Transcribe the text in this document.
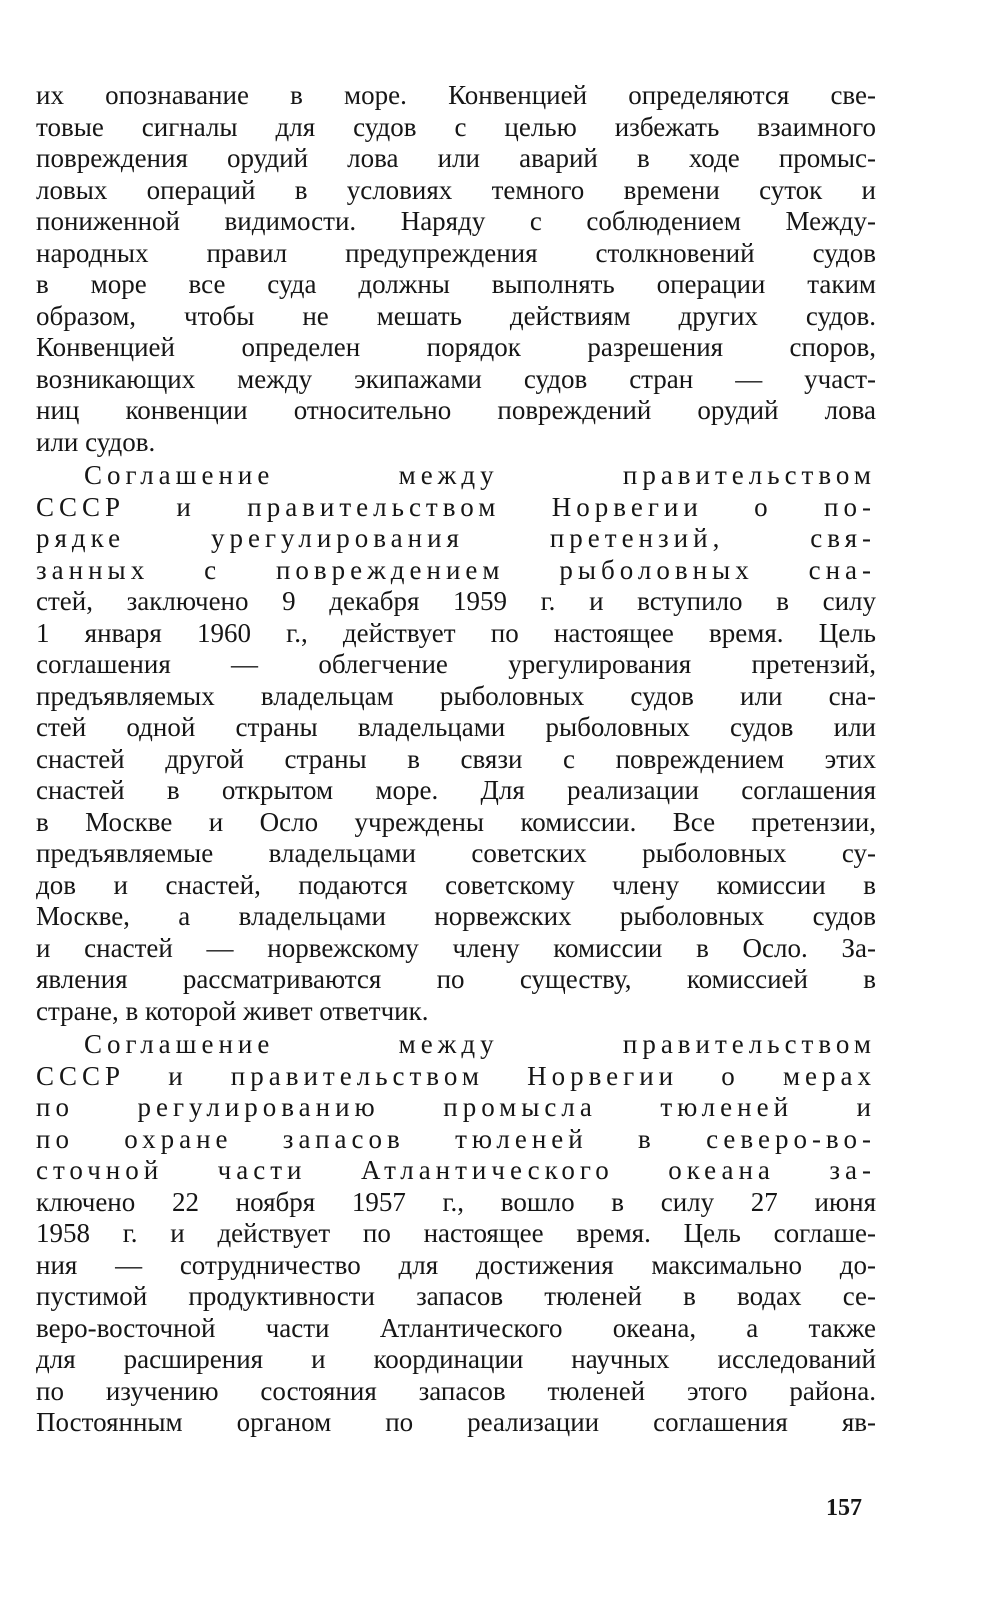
их опознавание в море. Конвенцией определяются све-
товые сигналы для судов с целью избежать взаимного
повреждения орудий лова или аварий в ходе промыс-
ловых операций в условиях темного времени суток и
пониженной видимости. Наряду с соблюдением Между-
народных правил предупреждения столкновений судов
в море все суда должны выполнять операции таким
образом, чтобы не мешать действиям других судов.
Конвенцией определен порядок разрешения споров,
возникающих между экипажами судов стран — участ-
ниц конвенции относительно повреждений орудий лова
или судов.
Соглашение между правительством
СССР и правительством Норвегии о по-
рядке урегулирования претензий, свя-
занных с повреждением рыболовных сна-
стей, заключено 9 декабря 1959 г. и вступило в силу
1 января 1960 г., действует по настоящее время. Цель
соглашения — облегчение урегулирования претензий,
предъявляемых владельцам рыболовных судов или сна-
стей одной страны владельцами рыболовных судов или
снастей другой страны в связи с повреждением этих
снастей в открытом море. Для реализации соглашения
в Москве и Осло учреждены комиссии. Все претензии,
предъявляемые владельцами советских рыболовных су-
дов и снастей, подаются советскому члену комиссии в
Москве, а владельцами норвежских рыболовных судов
и снастей — норвежскому члену комиссии в Осло. За-
явления рассматриваются по существу, комиссией в
стране, в которой живет ответчик.
Соглашение между правительством
СССР и правительством Норвегии о мерах
по регулированию промысла тюленей и
по охране запасов тюленей в северо-во-
сточной части Атлантического океана за-
ключено 22 ноября 1957 г., вошло в силу 27 июня
1958 г. и действует по настоящее время. Цель соглаше-
ния — сотрудничество для достижения максимально до-
пустимой продуктивности запасов тюленей в водах се-
веро-восточной части Атлантического океана, а также
для расширения и координации научных исследований
по изучению состояния запасов тюленей этого района.
Постоянным органом по реализации соглашения яв-
157
